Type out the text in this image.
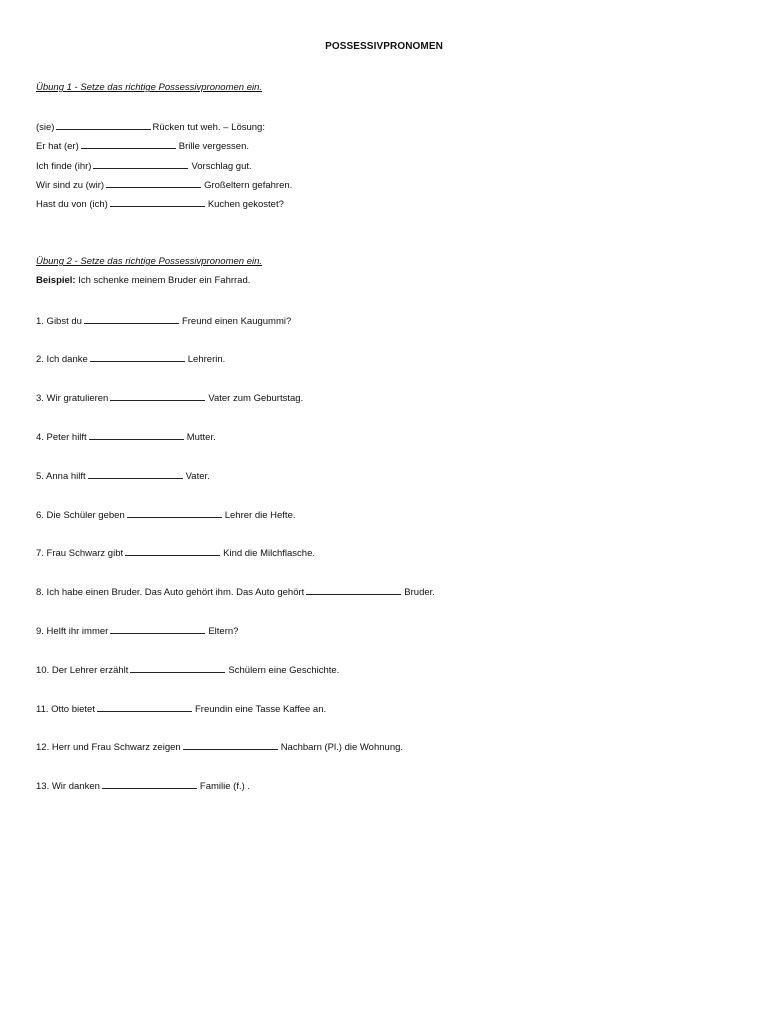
POSSESSIVPRONOMEN
Übung 1 - Setze das richtige Possessivpronomen ein.
(sie)	Rücken tut weh. – Lösung:
Er hat (er)	Brille vergessen.
Ich finde (ihr)	Vorschlag gut.
Wir sind zu (wir)	Großeltern gefahren.
Hast du von (ich)	Kuchen gekostet?
Übung 2 - Setze das richtige Possessivpronomen ein.
Beispiel: Ich schenke meinem Bruder ein Fahrrad.
1. Gibst du	Freund einen Kaugummi?
2. Ich danke	Lehrerin.
3. Wir gratulieren	Vater zum Geburtstag.
4. Peter hilft	Mutter.
5. Anna hilft	Vater.
6. Die Schüler geben	Lehrer die Hefte.
7. Frau Schwarz gibt	Kind die Milchflasche.
8. Ich habe einen Bruder. Das Auto gehört ihm. Das Auto gehört	Bruder.
9. Helft ihr immer	Eltern?
10. Der Lehrer erzählt	Schülern eine Geschichte.
11. Otto bietet	Freundin eine Tasse Kaffee an.
12. Herr und Frau Schwarz zeigen	Nachbarn (Pl.) die Wohnung.
13. Wir danken	Familie (f.) .
